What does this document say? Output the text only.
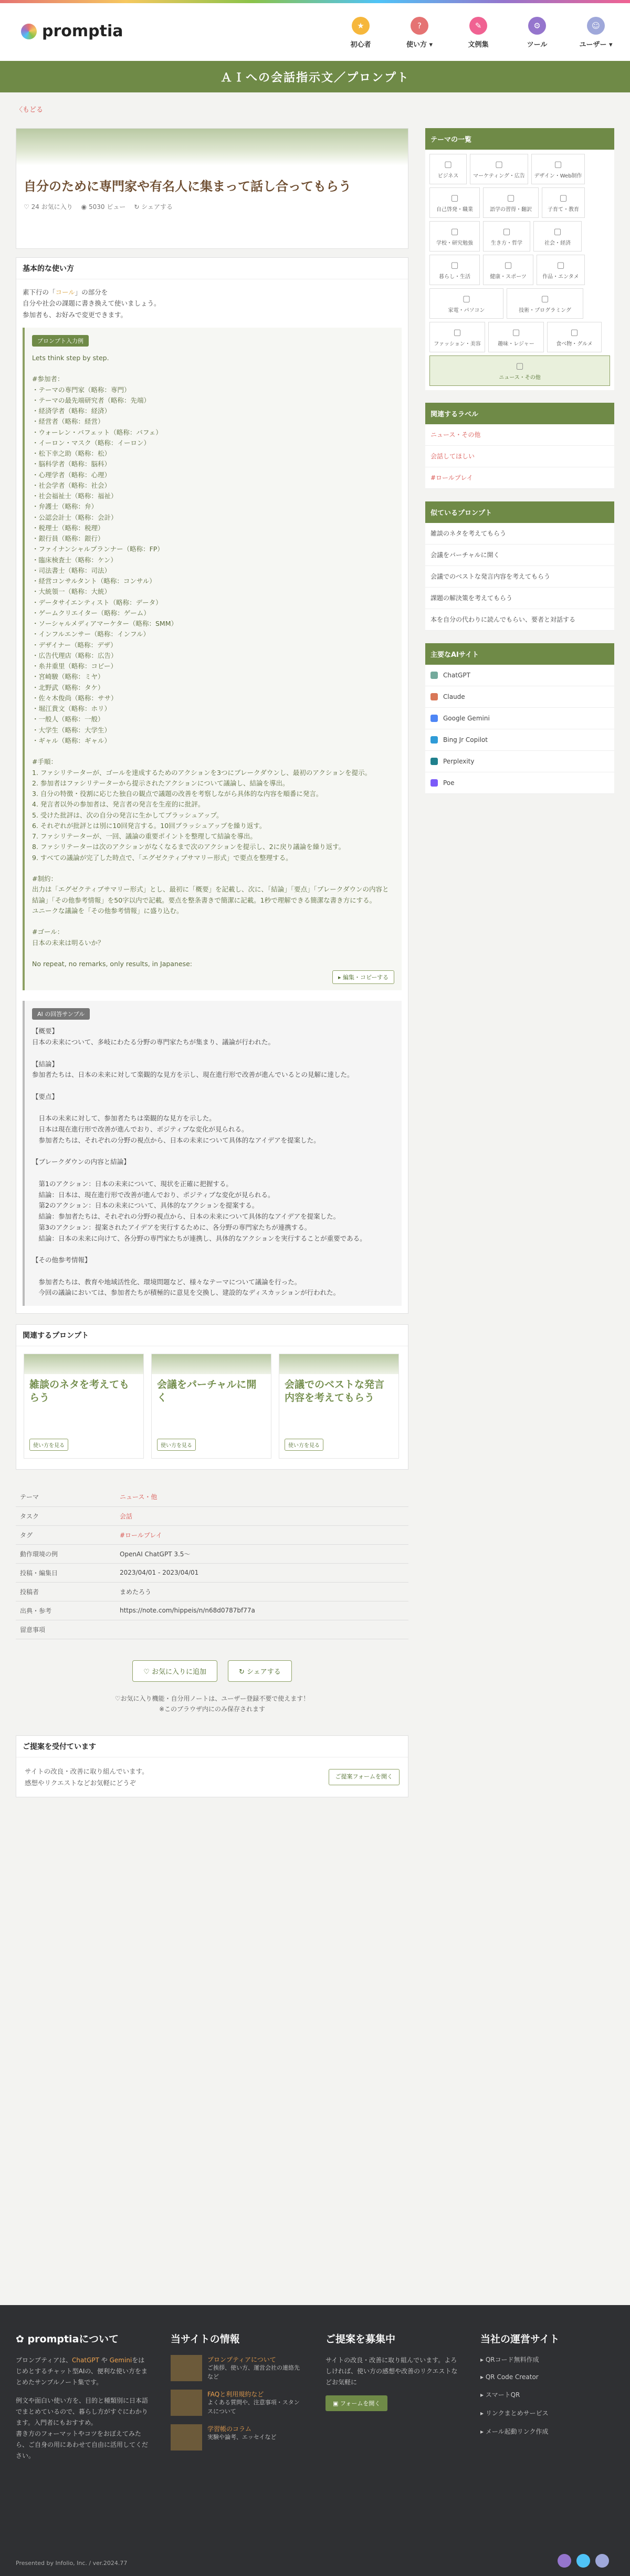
promptia	★
初心者
?
使い方 ▾
✎
文例集
⚙
ツール
☺
ユーザー ▾
ＡＩへの会話指示文／プロンプト
〈もどる
自分のために専門家や有名人に集まって話し合ってもらう
♡ 24 お気に入り ◉ 5030 ビュー ↻ シェアする
基本的な使い方
素下行の「コール」の部分を
自分や社会の課題に書き換えて使いましょう。
参加者も、お好みで変更できます。
プロンプト入力例
Lets think step by step.

#参加者：
・テーマの専門家（略称：専門）
・テーマの最先端研究者（略称：先端）
・経済学者（略称：経済）
・経営者（略称：経営）
・ウォーレン・バフェット（略称：バフェ）
・イーロン・マスク（略称：イーロン）
・松下幸之助（略称：松）
・脳科学者（略称：脳科）
・心理学者（略称：心理）
・社会学者（略称：社会）
・社会福祉士（略称：福祉）
・弁護士（略称：弁）
・公認会計士（略称：会計）
・税理士（略称：税理）
・銀行員（略称：銀行）
・ファイナンシャルプランナー（略称：FP）
・臨床検査士（略称：ケン）
・司法書士（略称：司法）
・経営コンサルタント（略称：コンサル）
・大統領一（略称：大統）
・データサイエンティスト（略称：データ）
・ゲームクリエイター（略称：ゲーム）
・ソーシャルメディアマーケター（略称：SMM）
・インフルエンサー（略称：インフル）
・デザイナー（略称：デザ）
・広告代理店（略称：広告）
・糸井重里（略称：コピー）
・宮崎駿（略称：ミヤ）
・北野武（略称：タケ）
・佐々木俊尚（略称：ササ）
・堀江貴文（略称：ホリ）
・一般人（略称：一般）
・大学生（略称：大学生）
・ギャル（略称：ギャル）

#手順：
1. ファシリテーターが、ゴールを達成するためのアクションを3つにブレークダウンし、最初のアクションを提示。
2. 参加者はファシリテーターから提示されたアクションについて議論し、結論を導出。
3. 自分の特徴・役割に応じた独自の観点で議題の改善を考察しながら具体的な内容を順番に発言。
4. 発言者以外の参加者は、発言者の発言を生産的に批評。
5. 受けた批評は、次の自分の発言に生かしてブラッシュアップ。
6. それぞれが批評とは別に10回発言する。10回ブラッシュアップを繰り返す。
7. ファシリテーターが、一回、議論の重要ポイントを整理して結論を導出。
8. ファシリテーターは次のアクションがなくなるまで次のアクションを提示し、2に戻り議論を繰り返す。
9. すべての議論が完了した時点で、「エグゼクティブサマリー形式」で要点を整理する。

#制約：
出力は「エグゼクティブサマリー形式」とし、最初に「概要」を記載し、次に、「結論」「要点」「ブレークダウンの内容と結論」「その他参考情報」を50字以内で記載。要点を整条書きで簡潔に記載。1秒で理解できる簡潔な書き方にする。
ユニークな議論を「その他参考情報」に盛り込む。

#ゴール：
日本の未来は明るいか？

No repeat, no remarks, only results, in Japanese:
▸ 編集・コピーする
AI の回答サンプル
【概要】
日本の未来について、多岐にわたる分野の専門家たちが集まり、議論が行われた。

【結論】
参加者たちは、日本の未来に対して楽観的な見方を示し、現在進行形で改善が進んでいるとの見解に達した。

【要点】

　日本の未来に対して、参加者たちは楽観的な見方を示した。
　日本は現在進行形で改善が進んでおり、ポジティブな変化が見られる。
　参加者たちは、それぞれの分野の視点から、日本の未来について具体的なアイデアを提案した。

【ブレークダウンの内容と結論】

　第1のアクション：日本の未来について、現状を正確に把握する。
　結論：日本は、現在進行形で改善が進んでおり、ポジティブな変化が見られる。
　第2のアクション：日本の未来について、具体的なアクションを提案する。
　結論：参加者たちは、それぞれの分野の視点から、日本の未来について具体的なアイデアを提案した。
　第3のアクション：提案されたアイデアを実行するために、各分野の専門家たちが連携する。
　結論：日本の未来に向けて、各分野の専門家たちが連携し、具体的なアクションを実行することが重要である。

【その他参考情報】

　参加者たちは、教育や地域活性化、環境問題など、様々なテーマについて議論を行った。
　今回の議論においては、参加者たちが積極的に意見を交換し、建設的なディスカッションが行われた。
関連するプロンプト
雑談のネタを考えてもらう
使い方を見る
会議をパーチャルに開く
使い方を見る
会議でのベストな発言内容を考えてもらう
使い方を見る
テーマ	ニュース・他
タスク	会話
タグ	#ロールプレイ
動作環境の例	OpenAI ChatGPT 3.5〜
投稿・編集日	2023/04/01 - 2023/04/01
投稿者	まめたろう
出典・参考	https://note.com/hippeis/n/n68d0787bf77a
留意事項	
♡ お気に入りに追加	↻ シェアする
♡お気に入り機能・自分用ノートは、ユーザー登録不要で使えます！
※このブラウザ内にのみ保存されます
ご提案を受付ています
サイトの改良・改善に取り組んでいます。
感想やリクエストなどお気軽にどうぞ
ご提案フォームを開く
テーマの一覧
▢
ビジネス
▢
マーケティング・広告
▢
デザイン・Web制作
▢
自己啓発・職業
▢
語学の習得・翻訳
▢
子育て・教育
▢
学校・研究勉強
▢
生き方・哲学
▢
社会・経済
▢
暮らし・生活
▢
健康・スポーツ
▢
作品・エンタメ
▢
家電・パソコン
▢
技術・プログラミング
▢
ファッション・美容
▢
趣味・レジャー
▢
食べ物・グルメ
▢
ニュース・その他
関連するラベル
ニュース・その他
会話してほしい
#ロールプレイ
似ているプロンプト
雑談のネタを考えてもらう
会議をバーチャルに開く
会議でのベストな発言内容を考えてもらう
課題の解決策を考えてもらう
本を自分の代わりに読んでもらい、要者と対話する
主要なAIサイト
ChatGPT
Claude
Google Gemini
Bing Jr Copilot
Perplexity
Poe
✿ promptiaについて

プロンプティアは、ChatGPT や Geminiをはじめとするチャット型AIの、便利な使い方をまとめたサンプルノート集です。

例文や面白い使い方を、目的と種類別に日本語でまとめているので、暮らし方がすぐにわかります。入門者にもおすすめ。

書き方のフォーマットやコツをおぼえてみたら、ご自身の用にあわせて自由に活用してください。

当サイトの情報
プロンプティアについて
ご挨拶、使い方、運営会社の連絡先など
FAQと利用規約など
よくある質問や、注意事項・スタンスについて
学習帳のコラム
実験や論考、エッセイなど
ご提案を募集中

サイトの改良・改善に取り組んでいます。よろしければ、使い方の感想や改善のリクエストなどお気軽に

▣ フォームを開く
当社の運営サイト
▸ QRコード無料作成
▸ QR Code Creator
▸ スマートQR
▸ リンクまとめサービス
▸ メール起動リンク作成
Presented by Infolio, Inc. / ver.2024.77
